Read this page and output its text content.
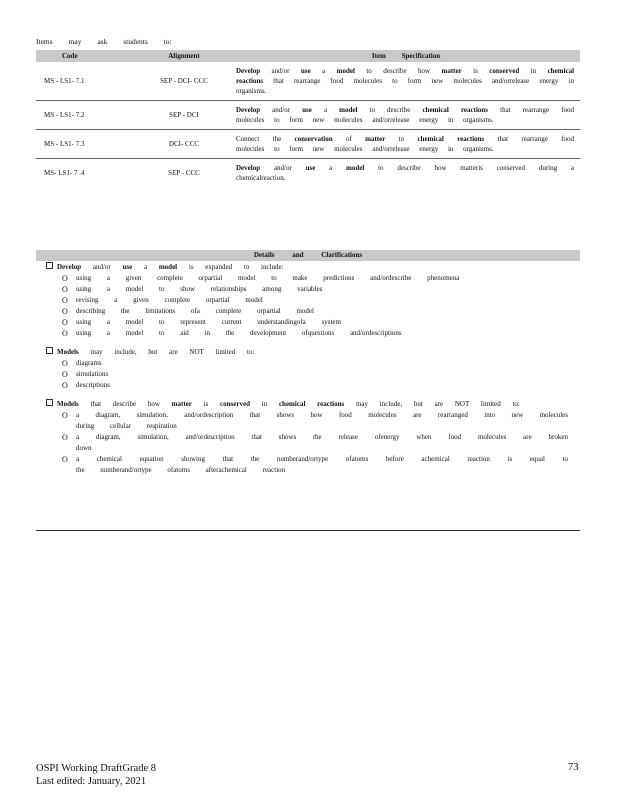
Items may ask students to:
Code	Alignment	Item Specification
MS - LS1- 7.1	SEP - DCI- CCC	Develop and/or use a model to describe how matter is conserved in chemical reactions that rearrange food molecules to form new molecules and/orrelease energy in organisms.
MS - LS1- 7.2	SEP - DCI	Develop and/or use a model to describe chemical reactions that rearrange food molecules to form new molecules and/orrelease energy in organisms.
MS - LS1- 7.3	DCI- CCC	Connect the conservation of matter to chemical reactions that rearrange food molecules to form new molecules and/orrelease energy in organisms.
MS- LS1- 7 .4	SEP - CCC	Develop and/or use a model to describe how matteris conserved during a chemicalreaction.
Details and Clarifications
Develop and/or use a model is expanded to include:
O using a given complete orpartial model to make predictions and/ordescribe phenomena
O using a model to show relationships among variables
O revising a given complete orpartial model
O describing the limitations ofa complete orpartial model
O using a model to represent current understandingofa system
O using a model to aid in the development ofquestions and/ordescriptions
Models may include, but are NOT limited to:
O diagrams
O simulations
O descriptions
Models that describe how matter is conserved in chemical reactions may include, but are NOT limited to:
O a diagram, simulation, and/ordescription that shows how food molecules are rearranged into new molecules during cellular respiration
O a diagram, simulation, and/ordescription that shows the release ofenergy when food molecules are broken down
O a chemical equation showing that the numberand/ortype ofatoms before achemical reaction is equal to the numberand/ortype ofatoms afterachemical reaction
OSPI Working DraftGrade 8
Last edited: January, 2021
73
